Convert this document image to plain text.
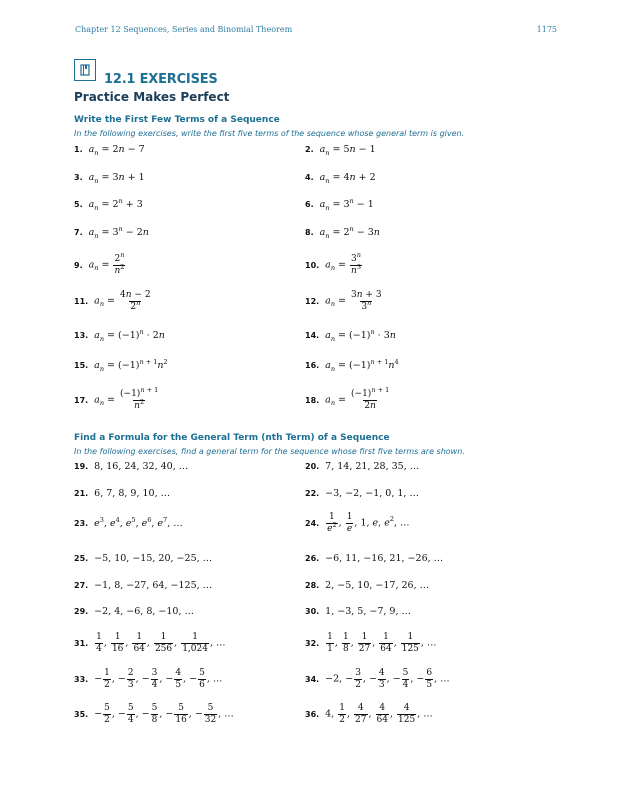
Chapter 12 Sequences, Series and Binomial Theorem	1175
12.1 EXERCISES
Practice Makes Perfect
Write the First Few Terms of a Sequence
In the following exercises, write the first five terms of the sequence whose general term is given.
1. $a_n = 2n - 7$	2. $a_n = 5n - 1$
3. $a_n = 3n + 1$	4. $a_n = 4n + 2$
5. $a_n = 2^n + 3$	6. $a_n = 3^n - 1$
7. $a_n = 3^n - 2n$	8. $a_n = 2^n - 3n$
9. $a_n = \frac{2^n}{n^2}$	10. $a_n = \frac{3^n}{n^3}$
11. $a_n = \frac{4n - 2}{2^n}$	12. $a_n = \frac{3n + 3}{3^n}$
13. $a_n = (-1)^n \cdot 2n$	14. $a_n = (-1)^n \cdot 3n$
15. $a_n = (-1)^{n + 1}n^2$	16. $a_n = (-1)^{n + 1}n^4$
17. $a_n = \frac{(-1)^{n + 1}}{n^2}$	18. $a_n = \frac{(-1)^{n + 1}}{2n}$
Find a Formula for the General Term (nth Term) of a Sequence
In the following exercises, find a general term for the sequence whose first five terms are shown.
19. 8, 16, 24, 32, 40, …	20. 7, 14, 21, 28, 35, …
21. 6, 7, 8, 9, 10, …	22. −3, −2, −1, 0, 1, …
23. $e^3$, $e^4$, $e^5$, $e^6$, $e^7$, …	24. $\frac{1}{e^2}$ , $\frac{1}{e}$ , 1, e, $e^2$, …
25. −5, 10, −15, 20, −25, …	26. −6, 11, −16, 21, −26, …
27. −1, 8, −27, 64, −125, …	28. 2, −5, 10, −17, 26, …
29. −2, 4, −6, 8, −10, …	30. 1, −3, 5, −7, 9, …
31. $\frac{1}{4}$ , $\frac{1}{16}$ , $\frac{1}{64}$ , $\frac{1}{256}$ , $\frac{1}{1,024}$ , …	32. $\frac{1}{1}$ , $\frac{1}{8}$ , $\frac{1}{27}$ , $\frac{1}{64}$ , $\frac{1}{125}$ , …
33. − $\frac{1}{2}$ , − $\frac{2}{3}$ , − $\frac{3}{4}$ , − $\frac{4}{5}$ , − $\frac{5}{6}$ , …	34. −2, − $\frac{3}{2}$ , − $\frac{4}{3}$ , − $\frac{5}{4}$ , − $\frac{6}{5}$ , …
35. − $\frac{5}{2}$ , − $\frac{5}{4}$ , − $\frac{5}{8}$ , − $\frac{5}{16}$ , − $\frac{5}{32}$ , …	36. 4, $\frac{1}{2}$ , $\frac{4}{27}$ , $\frac{4}{64}$ , $\frac{4}{125}$ , …
